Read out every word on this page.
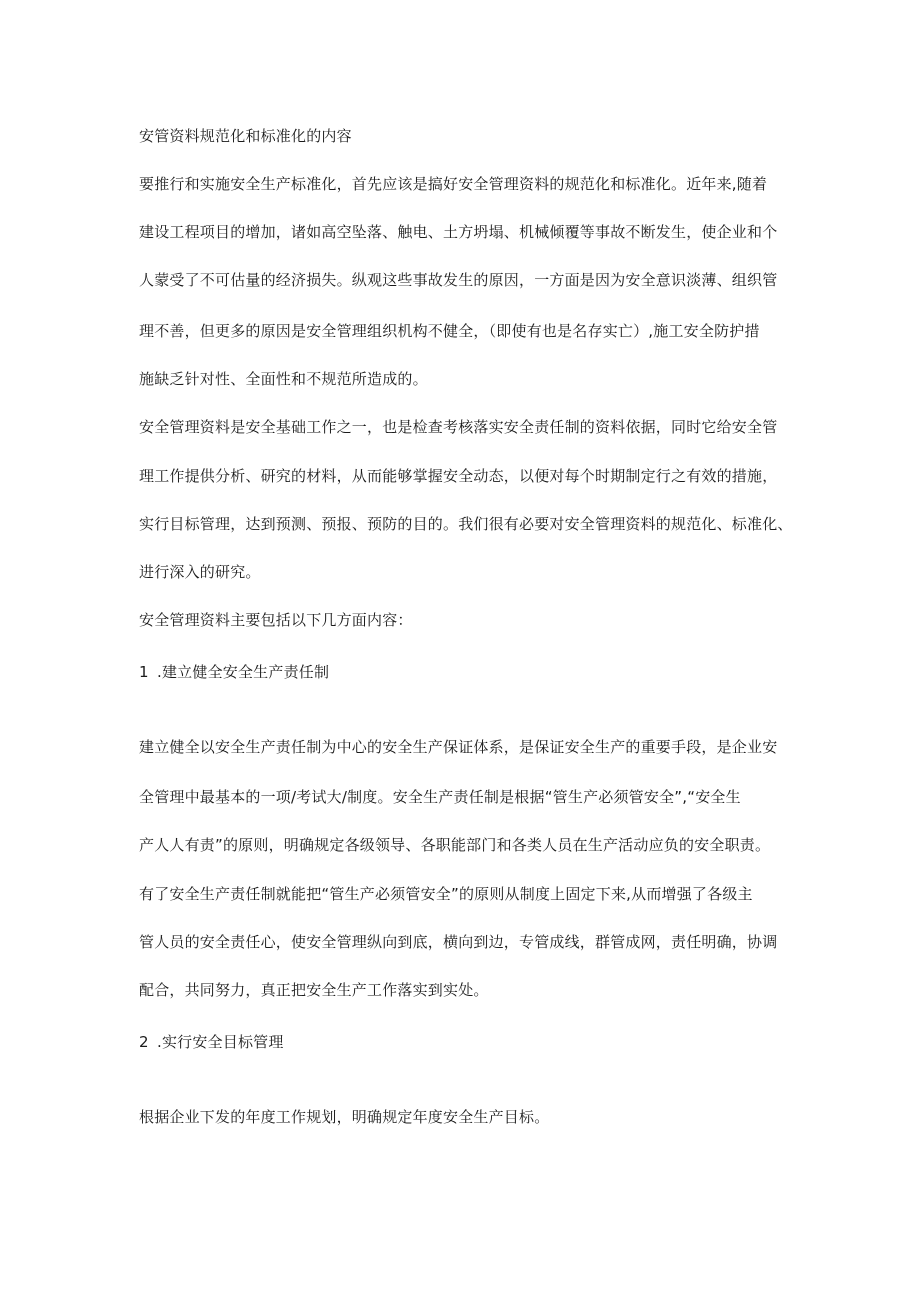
安管资料规范化和标准化的内容
要推行和实施安全生产标准化，首先应该是搞好安全管理资料的规范化和标准化。近年来,随着
建设工程项目的增加，诸如高空坠落、触电、土方坍塌、机械倾覆等事故不断发生，使企业和个
人蒙受了不可估量的经济损失。纵观这些事故发生的原因，一方面是因为安全意识淡薄、组织管
理不善，但更多的原因是安全管理组织机构不健全，（即使有也是名存实亡）,施工安全防护措
施缺乏针对性、全面性和不规范所造成的。
安全管理资料是安全基础工作之一，也是检查考核落实安全责任制的资料依据，同时它给安全管
理工作提供分析、研究的材料，从而能够掌握安全动态，以便对每个时期制定行之有效的措施，
实行目标管理，达到预测、预报、预防的目的。我们很有必要对安全管理资料的规范化、标准化、
进行深入的研究。
安全管理资料主要包括以下几方面内容：
1 .建立健全安全生产责任制
建立健全以安全生产责任制为中心的安全生产保证体系，是保证安全生产的重要手段，是企业安
全管理中最基本的一项/考试大/制度。安全生产责任制是根据“管生产必须管安全”,“安全生
产人人有责”的原则，明确规定各级领导、各职能部门和各类人员在生产活动应负的安全职责。
有了安全生产责任制就能把“管生产必须管安全”的原则从制度上固定下来,从而增强了各级主
管人员的安全责任心，使安全管理纵向到底，横向到边，专管成线，群管成网，责任明确，协调
配合，共同努力，真正把安全生产工作落实到实处。
2 .实行安全目标管理
根据企业下发的年度工作规划，明确规定年度安全生产目标。
